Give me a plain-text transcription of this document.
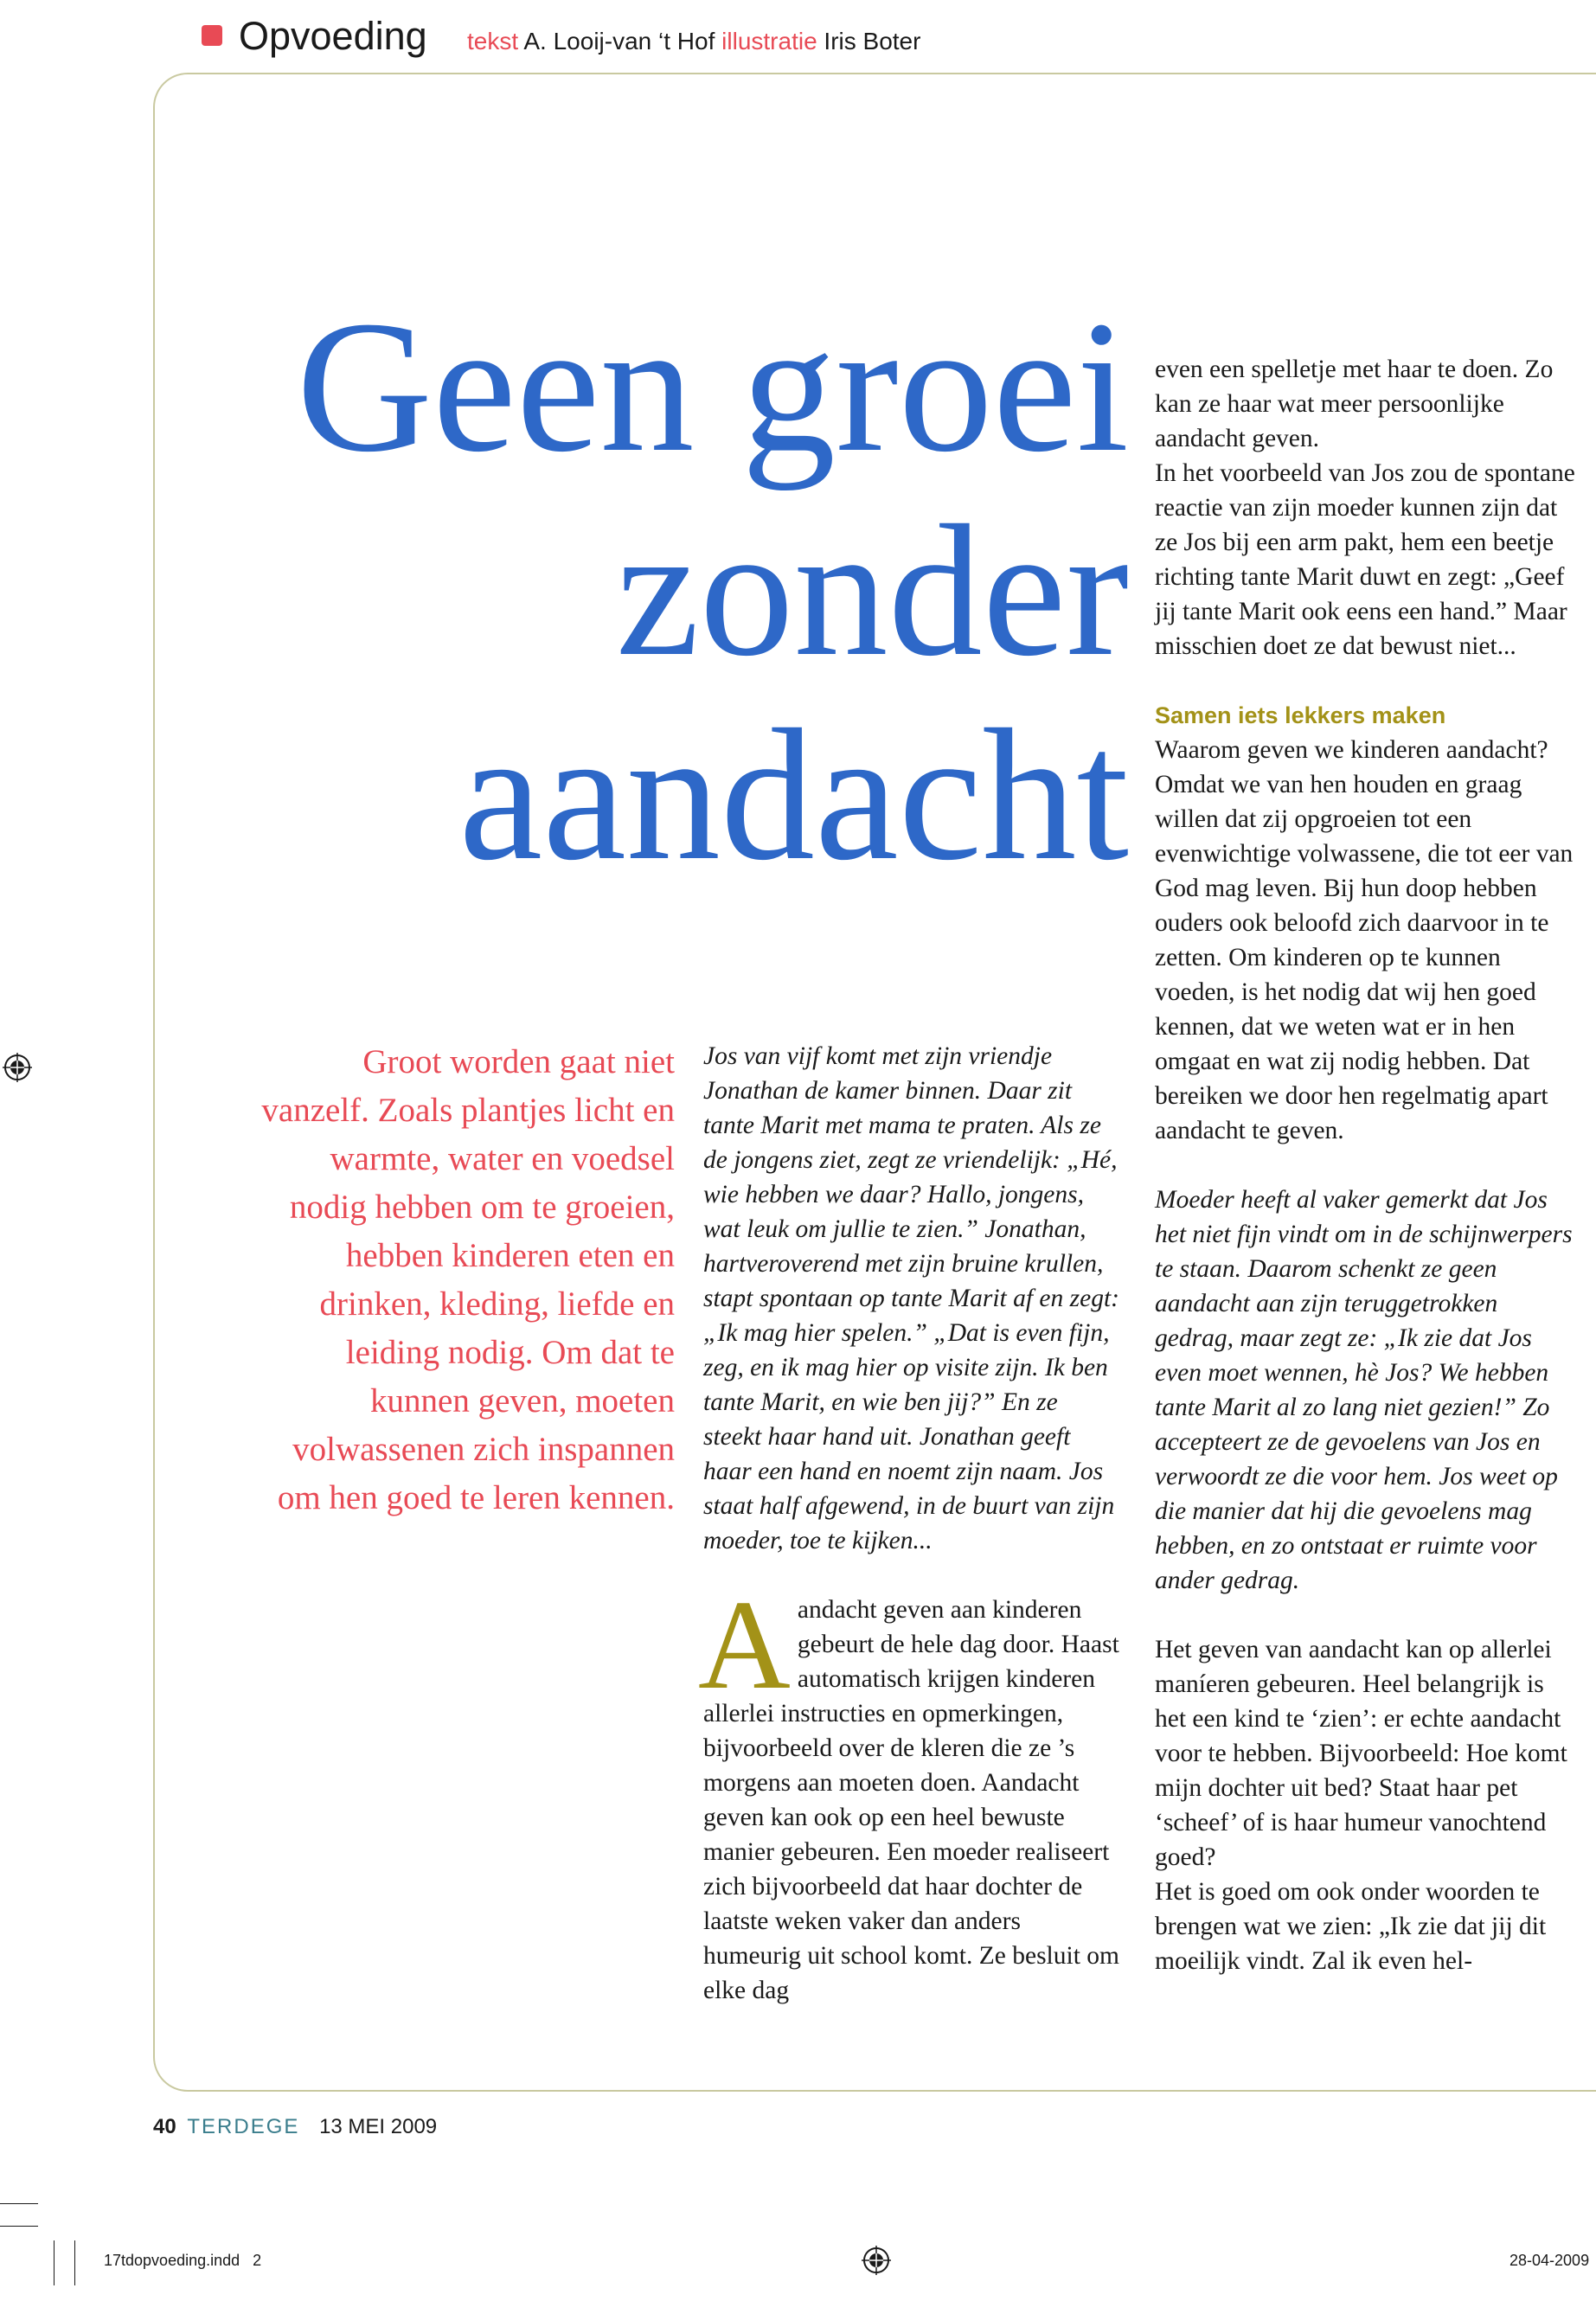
Opvoeding tekst A. Looij-van ‘t Hof illustratie Iris Boter
Geen groei
zonder
aandacht
Groot worden gaat niet vanzelf. Zoals plantjes licht en warmte, water en voedsel nodig hebben om te groeien, hebben kinderen eten en drinken, kleding, liefde en leiding nodig. Om dat te kunnen geven, moeten volwassenen zich inspannen om hen goed te leren kennen.

Jos van vijf komt met zijn vriendje Jonathan de kamer binnen. Daar zit tante Marit met mama te praten. Als ze de jongens ziet, zegt ze vriendelijk: „Hé, wie hebben we daar? Hallo, jongens, wat leuk om jullie te zien.” Jonathan, hartveroverend met zijn bruine krullen, stapt spontaan op tante Marit af en zegt: „Ik mag hier spelen.” „Dat is even fijn, zeg, en ik mag hier op visite zijn. Ik ben tante Marit, en wie ben jij?” En ze steekt haar hand uit. Jonathan geeft haar een hand en noemt zijn naam. Jos staat half afgewend, in de buurt van zijn moeder, toe te kijken...

A andacht geven aan kinderen gebeurt de hele dag door. Haast automatisch krijgen kinderen allerlei instructies en opmerkingen, bijvoorbeeld over de kleren die ze ’s morgens aan moeten doen. Aandacht geven kan ook op een heel bewuste manier gebeuren. Een moeder realiseert zich bijvoorbeeld dat haar dochter de laatste weken vaker dan anders humeurig uit school komt. Ze besluit om elke dag

even een spelletje met haar te doen. Zo kan ze haar wat meer persoonlijke aandacht geven.

In het voorbeeld van Jos zou de spontane reactie van zijn moeder kunnen zijn dat ze Jos bij een arm pakt, hem een beetje richting tante Marit duwt en zegt: „Geef jij tante Marit ook eens een hand.” Maar misschien doet ze dat bewust niet...

Samen iets lekkers maken

Waarom geven we kinderen aandacht? Omdat we van hen houden en graag willen dat zij opgroeien tot een evenwichtige volwassene, die tot eer van God mag leven. Bij hun doop hebben ouders ook beloofd zich daarvoor in te zetten. Om kinderen op te kunnen voeden, is het nodig dat wij hen goed kennen, dat we weten wat er in hen omgaat en wat zij nodig hebben. Dat bereiken we door hen regelmatig apart aandacht te geven.

Moeder heeft al vaker gemerkt dat Jos het niet fijn vindt om in de schijnwerpers te staan. Daarom schenkt ze geen aandacht aan zijn teruggetrokken gedrag, maar zegt ze: „Ik zie dat Jos even moet wennen, hè Jos? We hebben tante Marit al zo lang niet gezien!” Zo accepteert ze de gevoelens van Jos en verwoordt ze die voor hem. Jos weet op die manier dat hij die gevoelens mag hebben, en zo ontstaat er ruimte voor ander gedrag.

Het geven van aandacht kan op allerlei maníeren gebeuren. Heel belangrijk is het een kind te ‘zien’: er echte aandacht voor te hebben. Bijvoorbeeld: Hoe komt mijn dochter uit bed? Staat haar pet ‘scheef’ of is haar humeur vanochtend goed?

Het is goed om ook onder woorden te brengen wat we zien: „Ik zie dat jij dit moeilijk vindt. Zal ik even hel-

40 TERDEGE 13 MEI 2009
17tdopvoeding.indd   2	28-04-2009
